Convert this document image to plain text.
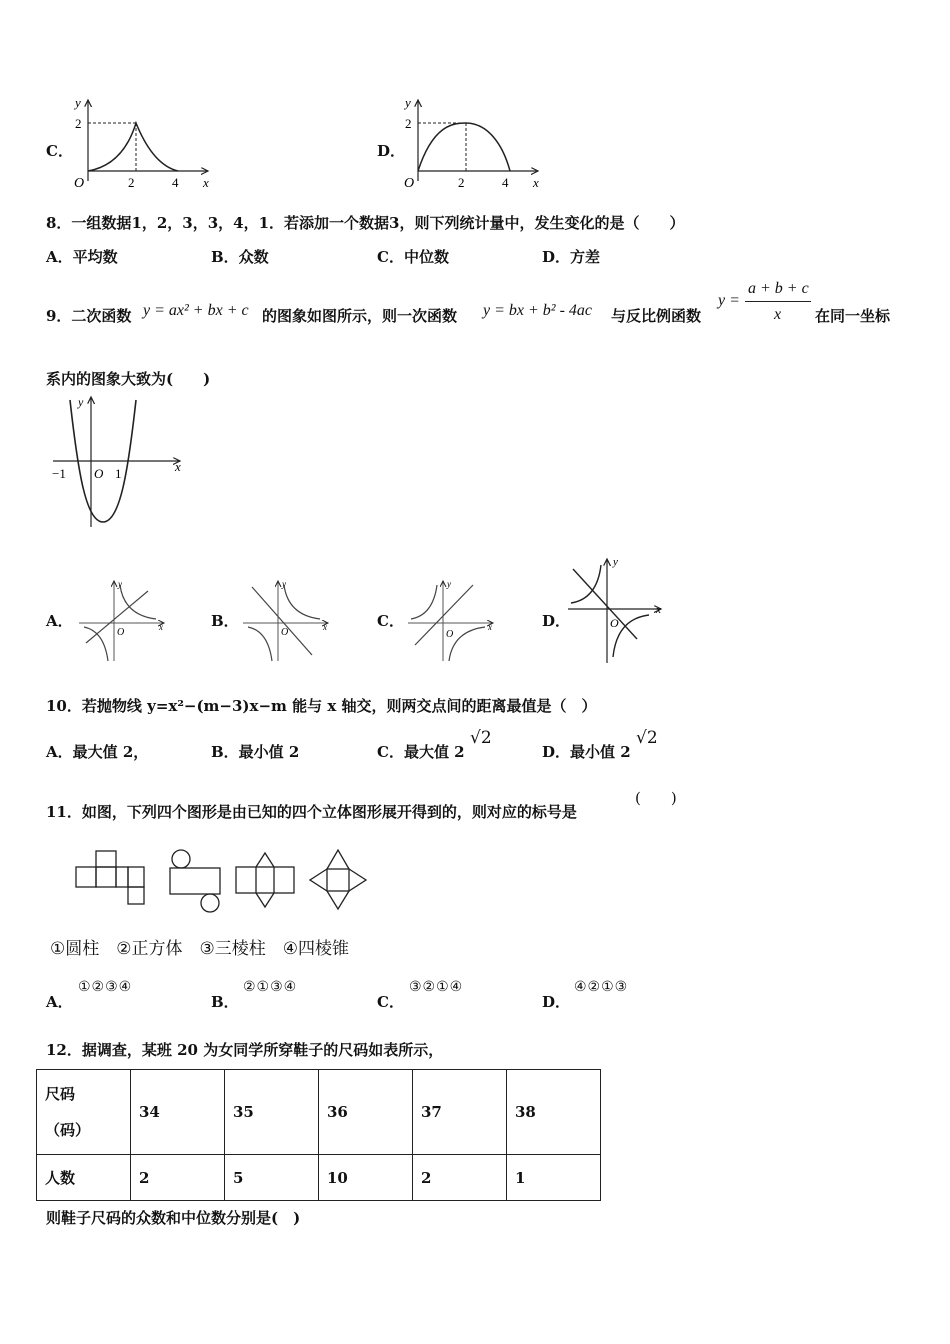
C．
y
x
O
2
2	4
D．
y
x
O
2
2	4
8．一组数据1，2，3，3，4，1．若添加一个数据3，则下列统计量中，发生变化的是（　　）
A．平均数	B．众数	C．中位数	D．方差
9．二次函数 y = ax² + bx + c 的图象如图所示，则一次函数 y = bx + b² - 4ac 与反比例函数
y =
a + b + c
x 在同一坐标
系内的图象大致为(　　)
y
x
O
−1	1
A．	x
y
O
B．	x
y
O
C．	x
y
O
D．
x
y
O
10．若抛物线 y=x²−(m−3)x−m 能与 x 轴交，则两交点间的距离最值是（　）
A．最大值 2，	B．最小值 2	C．最大值 2
√2
D．最小值 2
√2
11．如图，下列四个图形是由已知的四个立体图形展开得到的，则对应的标号是
(　　)
①圆柱　②正方体　③三棱柱　④四棱锥
A．
①②③④
B．
②①③④
C．
③②①④
D．
④②①③
12．据调查，某班 20 为女同学所穿鞋子的尺码如表所示，
尺码
（码）	34	35	36	37	38
人数	2	5	10	2	1
则鞋子尺码的众数和中位数分别是(　)
